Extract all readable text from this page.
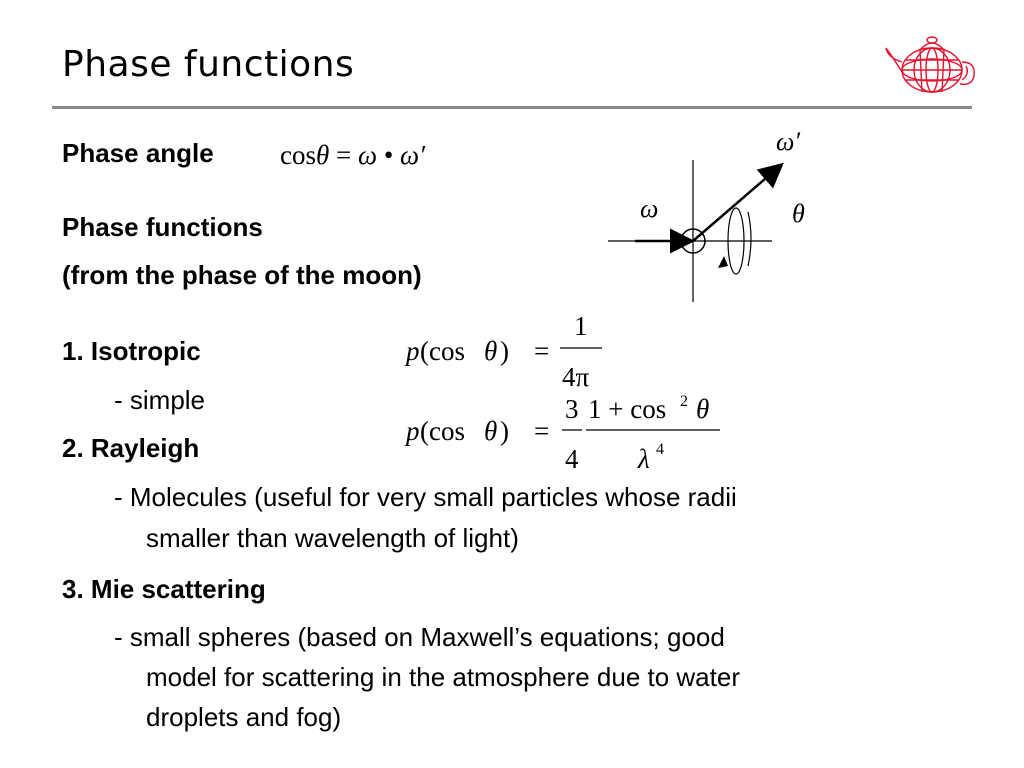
Phase functions
Phase angle cosθ = ω • ω′
Phase functions
(from the phase of the moon)
ω′
ω	θ
1. Isotropic
- simple
p (cos θ ) =
1
4π
2. Rayleigh
- Molecules (useful for very small particles whose radii
smaller than wavelength of light)
p (cos θ ) =
3
4
1 + cos 2 θ
λ 4
3. Mie scattering
- small spheres (based on Maxwell’s equations; good
model for scattering in the atmosphere due to water
droplets and fog)
